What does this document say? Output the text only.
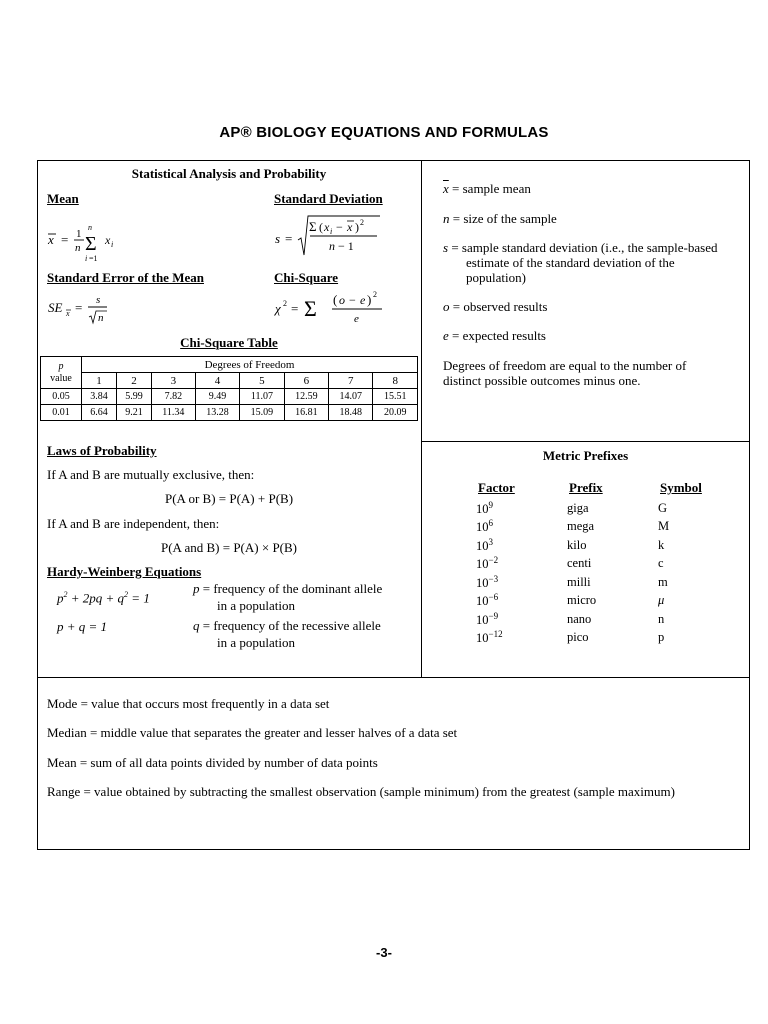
AP® BIOLOGY EQUATIONS AND FORMULAS
Statistical Analysis and Probability
Mean	Standard Deviation
x = 1
n
n
Σ
i =1
x i	s =
Σ ( x i − x ) 2
n − 1
Standard Error of the Mean	Chi-Square
SE x = s
n
χ 2 = Σ ( o − e ) 2
e
Chi-Square Table
p
value	Degrees of Freedom							
	1	2	3	4	5	6	7	8
0.05	3.84	5.99	7.82	9.49	11.07	12.59	14.07	15.51
0.01	6.64	9.21	11.34	13.28	15.09	16.81	18.48	20.09
$\overline{x}$ = sample mean
n = size of the sample
s = sample standard deviation (i.e., the sample-based
estimate of the standard deviation of the
population)
o = observed results
e = expected results
Degrees of freedom are equal to the number of
distinct possible outcomes minus one.
Laws of Probability
If A and B are mutually exclusive, then:
P(A or B) = P(A) + P(B)
If A and B are independent, then:
P(A and B) = P(A) × P(B)
Hardy-Weinberg Equations
$p^2 + 2pq + q^2 = 1$
p + q = 1
p = frequency of the dominant allele
in a population
q = frequency of the recessive allele
in a population
Metric Prefixes
Factor	Prefix	Symbol
$10^9$	giga	G
$10^6$	mega	M
$10^3$	kilo	k
$10^{-2}$	centi	c
$10^{-3}$	milli	m
$10^{-6}$	micro	μ
$10^{-9}$	nano	n
$10^{-12}$	pico	p
Mode = value that occurs most frequently in a data set
Median = middle value that separates the greater and lesser halves of a data set
Mean = sum of all data points divided by number of data points
Range = value obtained by subtracting the smallest observation (sample minimum) from the greatest (sample maximum)
-3-
